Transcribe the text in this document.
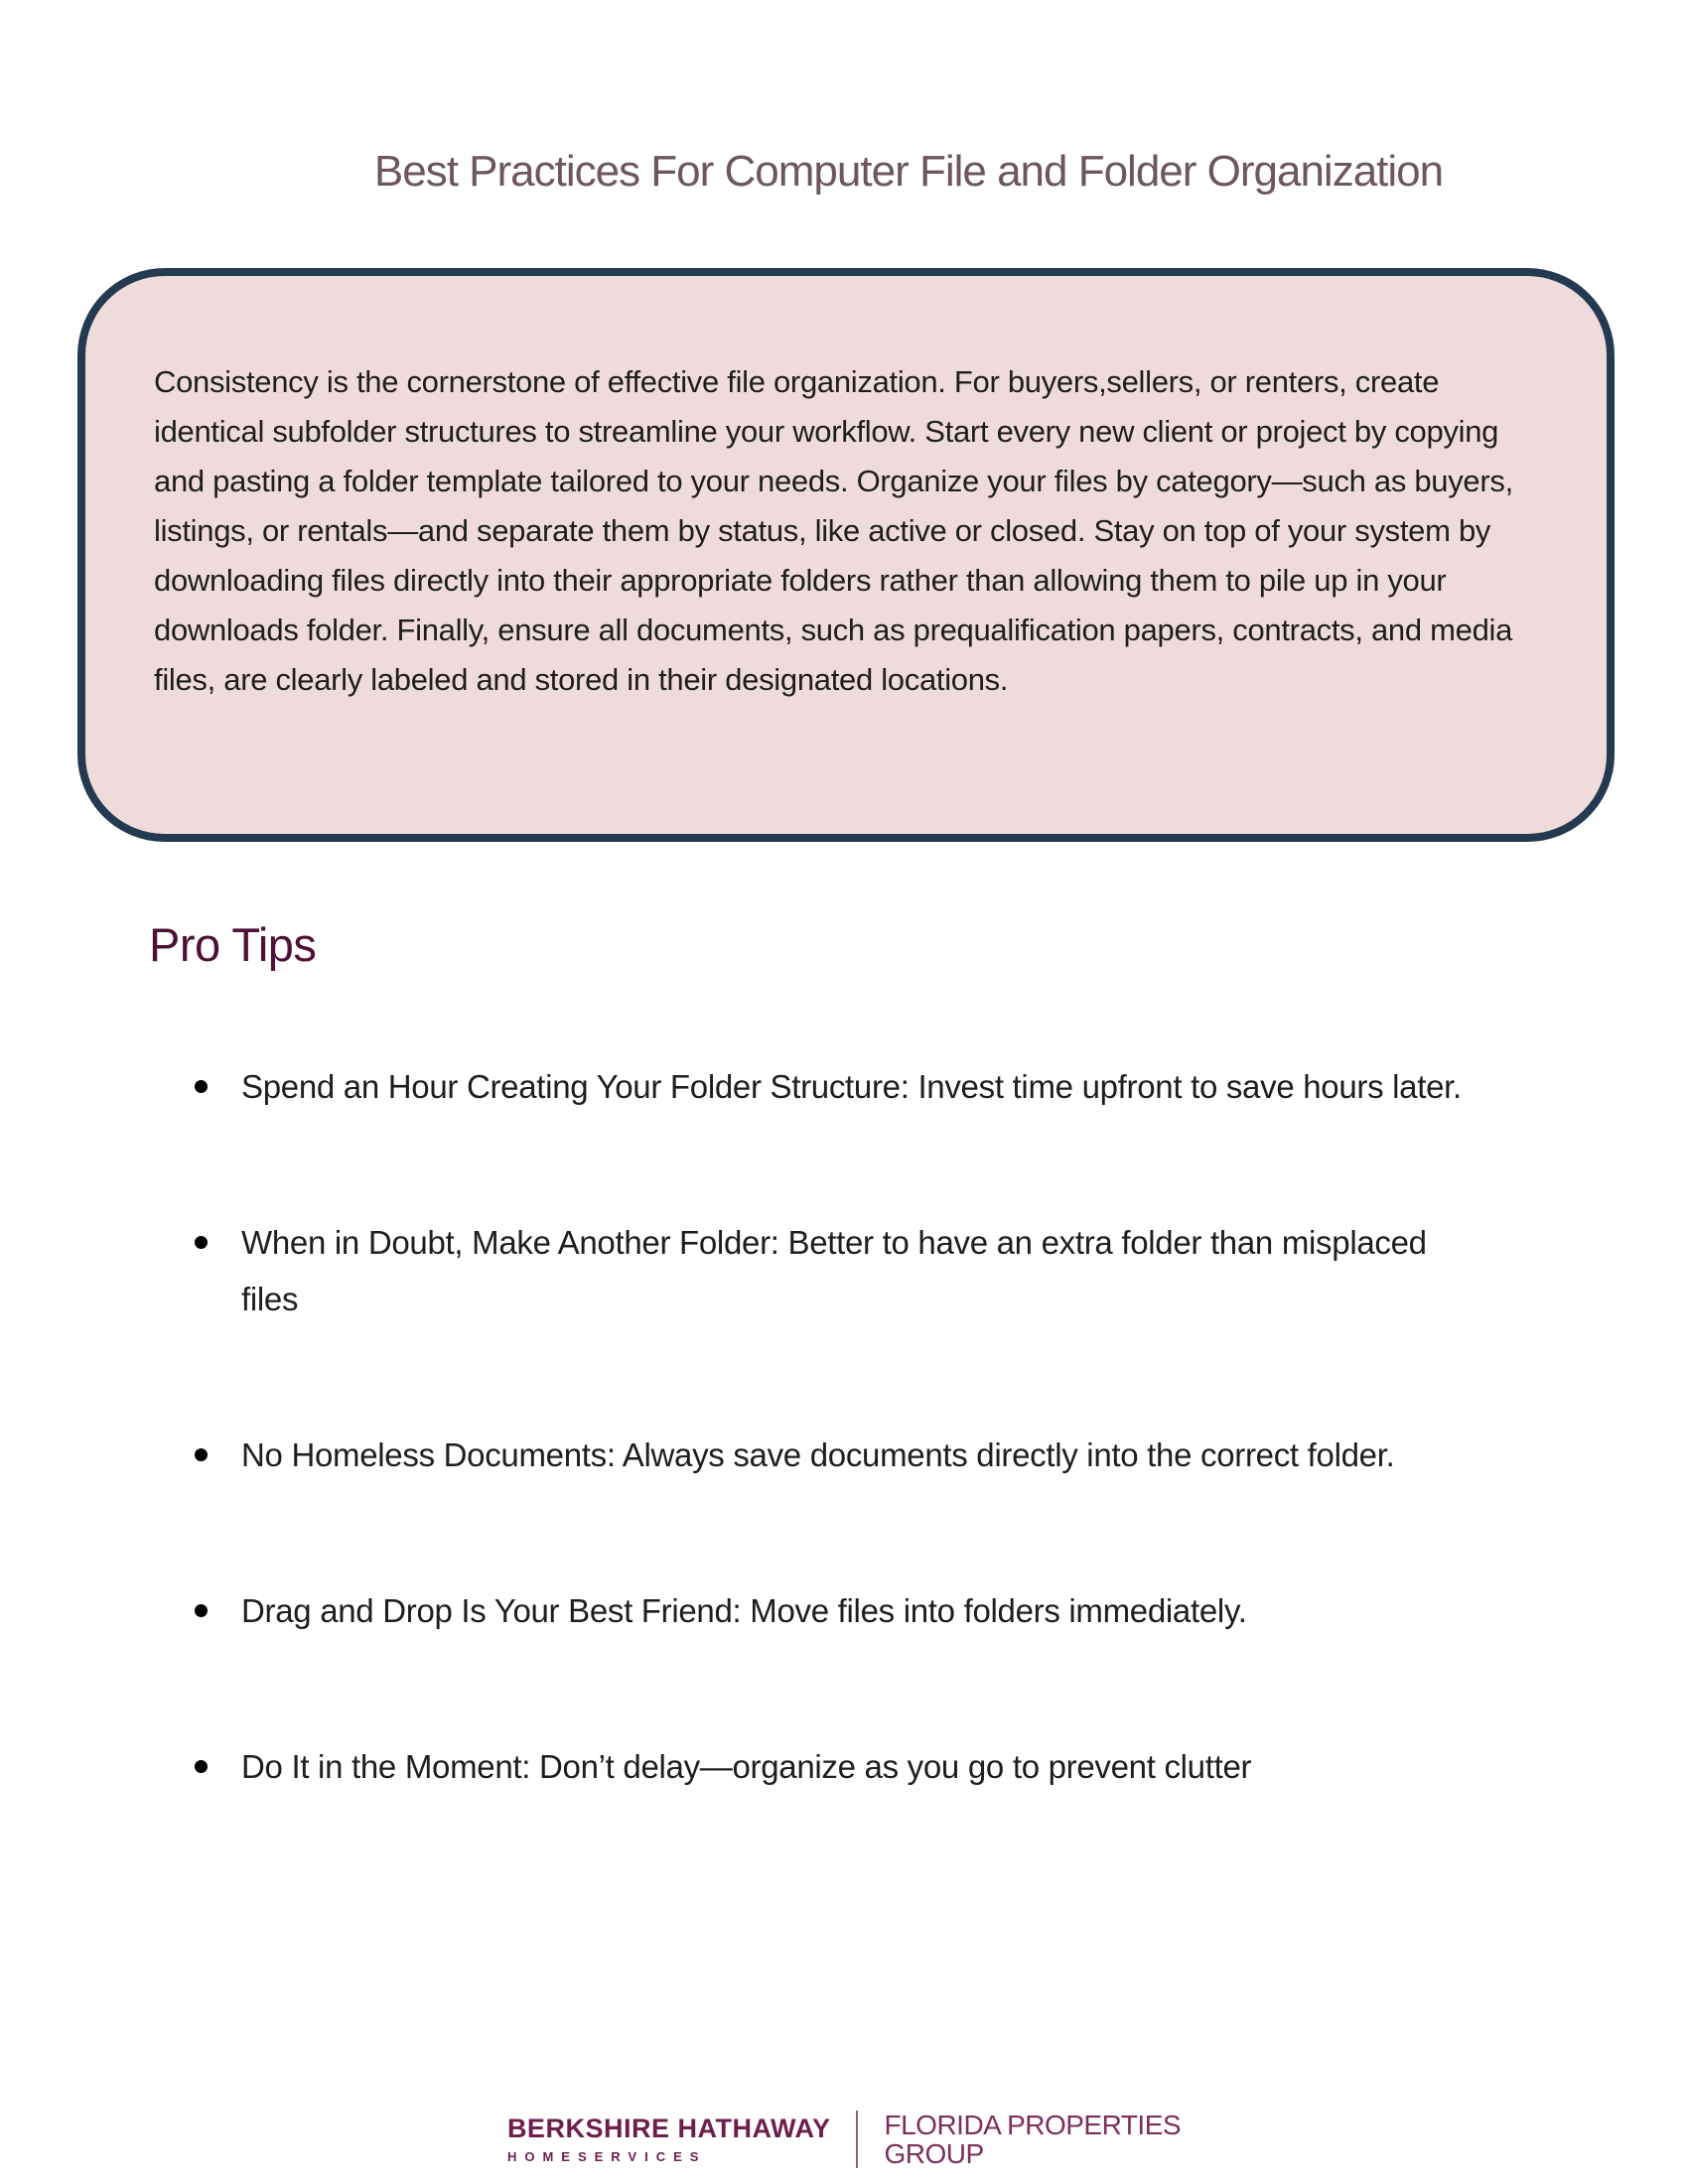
Best Practices For Computer File and Folder Organization

Consistency is the cornerstone of effective file organization. For buyers,sellers, or renters, create identical subfolder structures to streamline your workflow. Start every new client or project by copying and pasting a folder template tailored to your needs. Organize your files by category—such as buyers, listings, or rentals—and separate them by status, like active or closed. Stay on top of your system by downloading files directly into their appropriate folders rather than allowing them to pile up in your downloads folder. Finally, ensure all documents, such as prequalification papers, contracts, and media files, are clearly labeled and stored in their designated locations.

Pro Tips
Spend an Hour Creating Your Folder Structure: Invest time upfront to save hours later.
When in Doubt, Make Another Folder: Better to have an extra folder than misplaced files
No Homeless Documents: Always save documents directly into the correct folder.
Drag and Drop Is Your Best Friend: Move files into folders immediately.
Do It in the Moment: Don’t delay—organize as you go to prevent clutter
BERKSHIRE HATHAWAY
HOMESERVICES
FLORIDA PROPERTIES
GROUP
